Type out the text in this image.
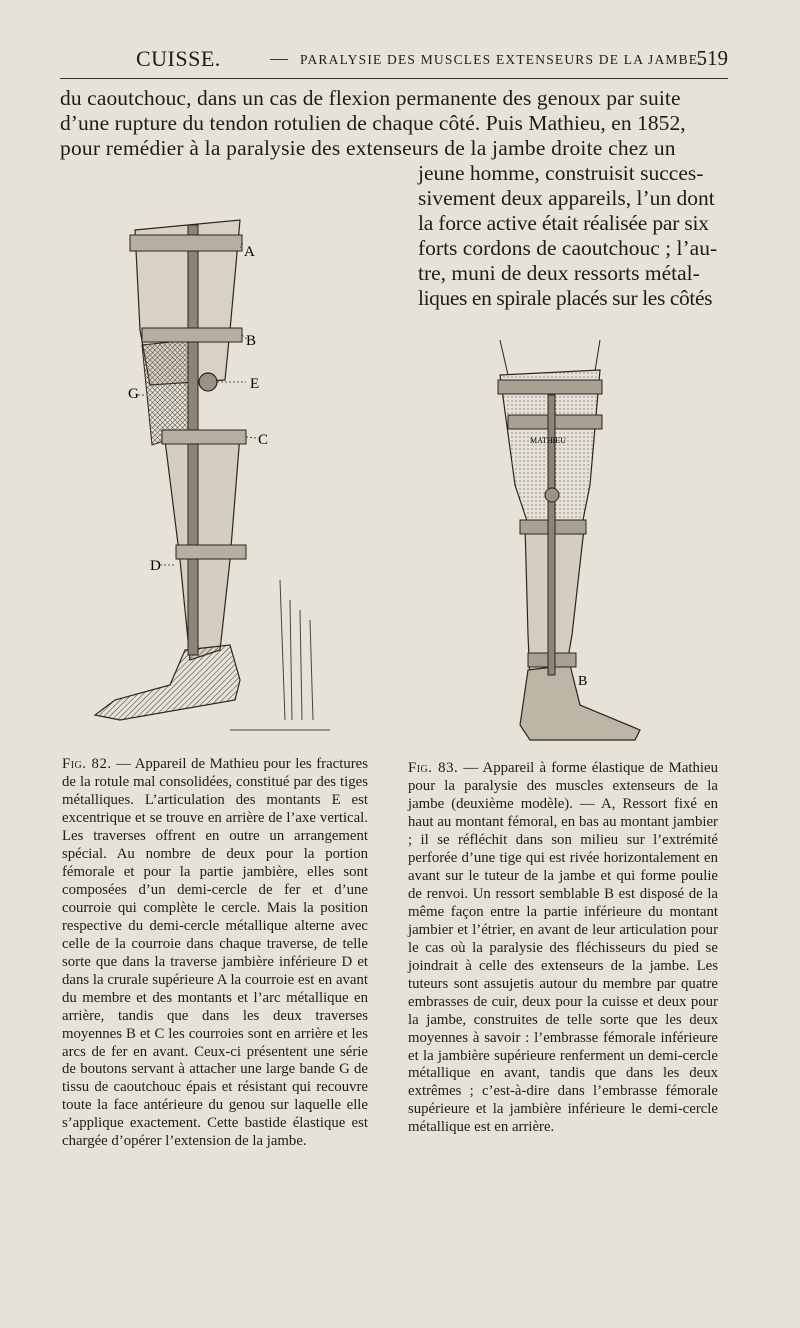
CUISSE.	— PARALYSIE DES MUSCLES EXTENSEURS DE LA JAMBE.
519
du caoutchouc, dans un cas de flexion permanente des genoux par suite
d’une rupture du tendon rotulien de chaque côté. Puis Mathieu, en 1852,
pour remédier à la paralysie des extenseurs de la jambe droite chez un
jeune homme, construisit succes-
sivement deux appareils, l’un dont
la force active était réalisée par six
forts cordons de caoutchouc ; l’au-
tre, muni de deux ressorts métal-
liques en spirale placés sur les côtés
A
B
E
G
C
D
MATHIEU
B
Fig. 82. — Appareil de Mathieu pour les fractures de la rotule mal consolidées, constitué par des tiges métalliques. L’articulation des montants E est excentrique et se trouve en arrière de l’axe vertical. Les traverses offrent en outre un arrangement spécial. Au nombre de deux pour la portion fémorale et pour la partie jambière, elles sont composées d’un demi-cercle de fer et d’une courroie qui complète le cercle. Mais la position respective du demi-cercle métallique alterne avec celle de la courroie dans chaque traverse, de telle sorte que dans la traverse jambière inférieure D et dans la crurale supérieure A la courroie est en avant du membre et des montants et l’arc métallique en arrière, tandis que dans les deux traverses moyennes B et C les courroies sont en arrière et les arcs de fer en avant. Ceux-ci présentent une série de boutons servant à attacher une large bande G de tissu de caoutchouc épais et résistant qui recouvre toute la face antérieure du genou sur laquelle elle s’applique exactement. Cette bastide élastique est chargée d’opérer l’extension de la jambe.
Fig. 83. — Appareil à forme élastique de Mathieu pour la paralysie des muscles extenseurs de la jambe (deuxième modèle). — A, Ressort fixé en haut au montant fémoral, en bas au montant jambier ; il se réfléchit dans son milieu sur l’extrémité perforée d’une tige qui est rivée horizontalement en avant sur le tuteur de la jambe et qui forme poulie de renvoi. Un ressort semblable B est disposé de la même façon entre la partie inférieure du montant jambier et l’étrier, en avant de leur articulation pour le cas où la paralysie des fléchisseurs du pied se joindrait à celle des extenseurs de la jambe. Les tuteurs sont assujetis autour du membre par quatre embrasses de cuir, deux pour la cuisse et deux pour la jambe, construites de telle sorte que les deux moyennes à savoir : l’embrasse fémorale inférieure et la jambière supérieure renferment un demi-cercle métallique en avant, tandis que dans les deux extrêmes ; c’est-à-dire dans l’embrasse fémorale supérieure et la jambière inférieure le demi-cercle métallique est en arrière.
